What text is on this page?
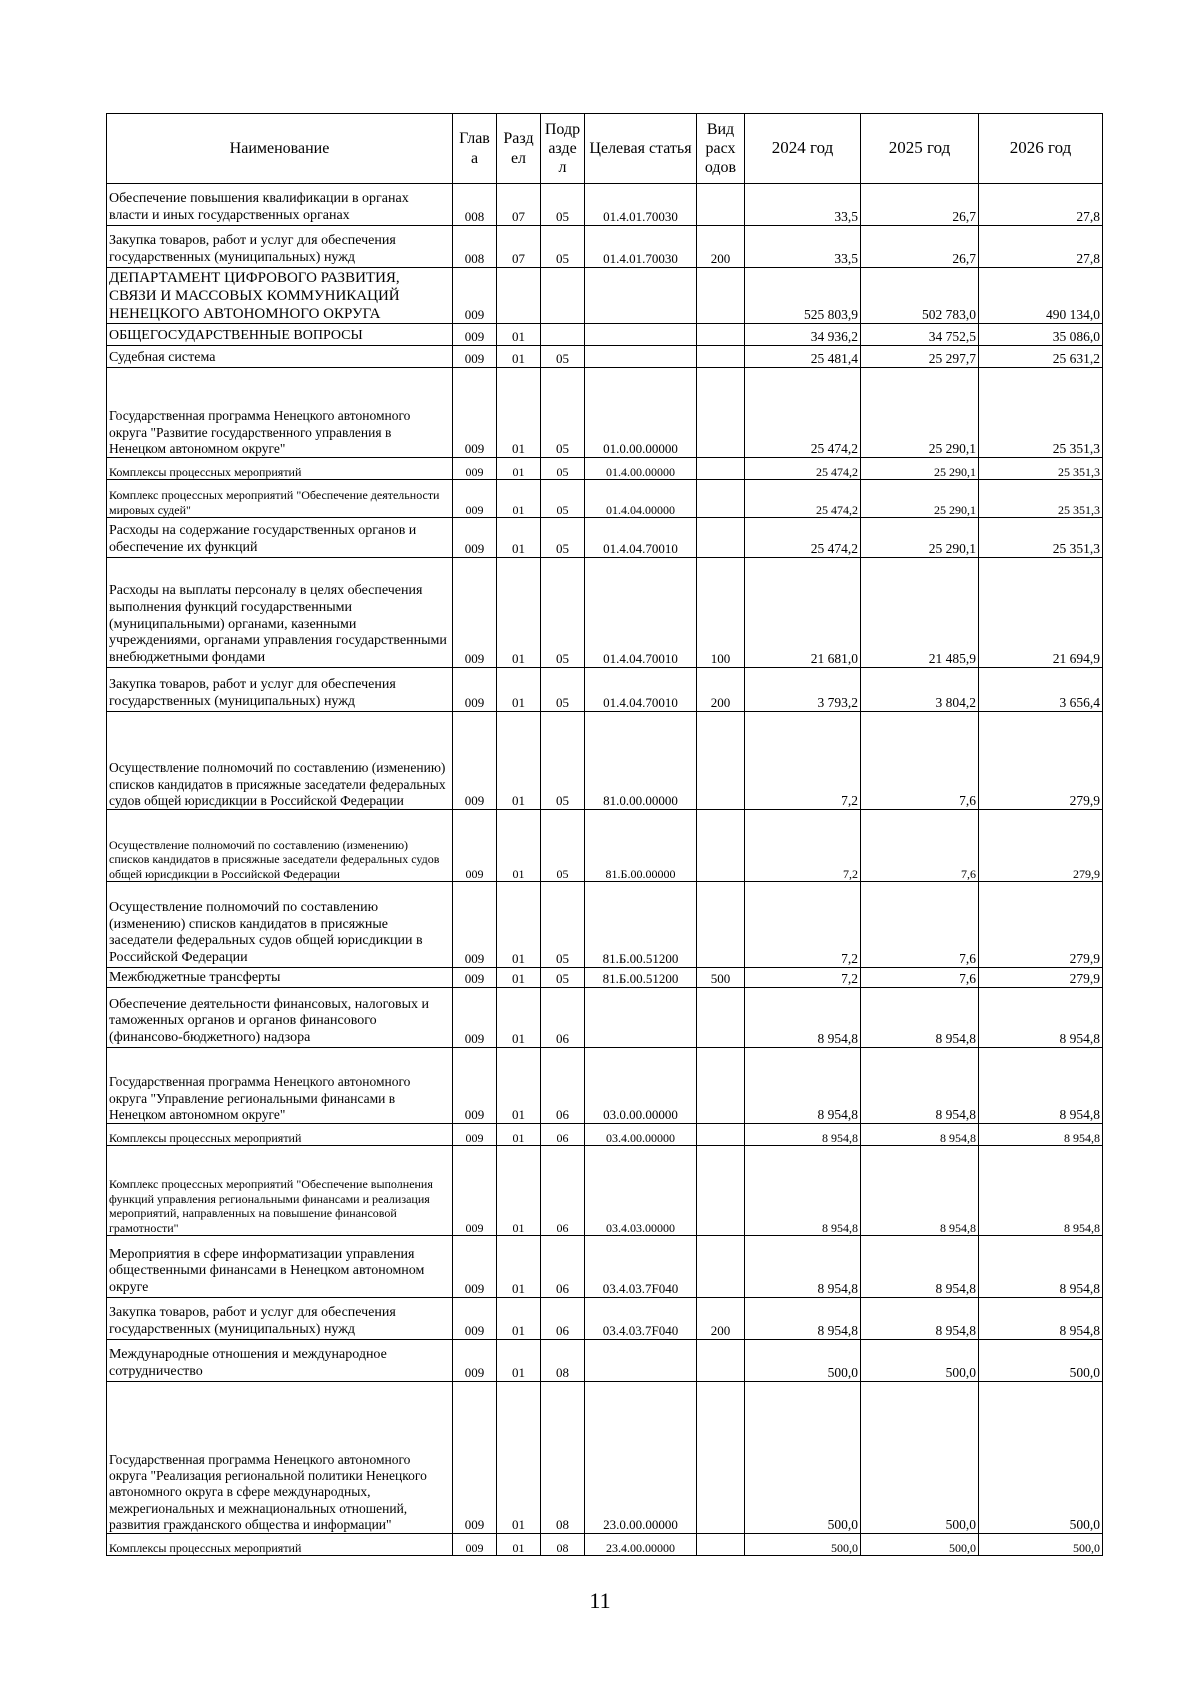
Наименование	Глав а	Разд ел	Подр азде л	Целевая статья	Вид расх одов	2024 год	2025 год	2026 год
Обеспечение повышения квалификации в органах власти и иных государственных органах	008	07	05	01.4.01.70030		33,5	26,7	27,8
Закупка товаров, работ и услуг для обеспечения государственных (муниципальных) нужд	008	07	05	01.4.01.70030	200	33,5	26,7	27,8
ДЕПАРТАМЕНТ ЦИФРОВОГО РАЗВИТИЯ, СВЯЗИ И МАССОВЫХ КОММУНИКАЦИЙ НЕНЕЦКОГО АВТОНОМНОГО ОКРУГА	009					525 803,9	502 783,0	490 134,0
ОБЩЕГОСУДАРСТВЕННЫЕ ВОПРОСЫ	009	01				34 936,2	34 752,5	35 086,0
Судебная система	009	01	05			25 481,4	25 297,7	25 631,2
Государственная программа Ненецкого автономного округа "Развитие государственного управления в Ненецком автономном округе"	009	01	05	01.0.00.00000		25 474,2	25 290,1	25 351,3
Комплексы процессных мероприятий	009	01	05	01.4.00.00000		25 474,2	25 290,1	25 351,3
Комплекс процессных мероприятий "Обеспечение деятельности мировых судей"	009	01	05	01.4.04.00000		25 474,2	25 290,1	25 351,3
Расходы на содержание государственных органов и обеспечение их функций	009	01	05	01.4.04.70010		25 474,2	25 290,1	25 351,3
Расходы на выплаты персоналу в целях обеспечения выполнения функций государственными (муниципальными) органами, казенными учреждениями, органами управления государственными внебюджетными фондами	009	01	05	01.4.04.70010	100	21 681,0	21 485,9	21 694,9
Закупка товаров, работ и услуг для обеспечения государственных (муниципальных) нужд	009	01	05	01.4.04.70010	200	3 793,2	3 804,2	3 656,4
Осуществление полномочий по составлению (изменению) списков кандидатов в присяжные заседатели федеральных судов общей юрисдикции в Российской Федерации	009	01	05	81.0.00.00000		7,2	7,6	279,9
Осуществление полномочий по составлению (изменению) списков кандидатов в присяжные заседатели федеральных судов общей юрисдикции в Российской Федерации	009	01	05	81.Б.00.00000		7,2	7,6	279,9
Осуществление полномочий по составлению (изменению) списков кандидатов в присяжные заседатели федеральных судов общей юрисдикции в Российской Федерации	009	01	05	81.Б.00.51200		7,2	7,6	279,9
Межбюджетные трансферты	009	01	05	81.Б.00.51200	500	7,2	7,6	279,9
Обеспечение деятельности финансовых, налоговых и таможенных органов и органов финансового (финансово-бюджетного) надзора	009	01	06			8 954,8	8 954,8	8 954,8
Государственная программа Ненецкого автономного округа "Управление региональными финансами в Ненецком автономном округе"	009	01	06	03.0.00.00000		8 954,8	8 954,8	8 954,8
Комплексы процессных мероприятий	009	01	06	03.4.00.00000		8 954,8	8 954,8	8 954,8
Комплекс процессных мероприятий "Обеспечение выполнения функций управления региональными финансами и реализация мероприятий, направленных на повышение финансовой грамотности"	009	01	06	03.4.03.00000		8 954,8	8 954,8	8 954,8
Мероприятия в сфере информатизации управления общественными финансами в Ненецком автономном округе	009	01	06	03.4.03.7F040		8 954,8	8 954,8	8 954,8
Закупка товаров, работ и услуг для обеспечения государственных (муниципальных) нужд	009	01	06	03.4.03.7F040	200	8 954,8	8 954,8	8 954,8
Международные отношения и международное сотрудничество	009	01	08			500,0	500,0	500,0
Государственная программа Ненецкого автономного округа "Реализация региональной политики Ненецкого автономного округа в сфере международных, межрегиональных и межнациональных отношений, развития гражданского общества и информации"	009	01	08	23.0.00.00000		500,0	500,0	500,0
Комплексы процессных мероприятий	009	01	08	23.4.00.00000		500,0	500,0	500,0
11
